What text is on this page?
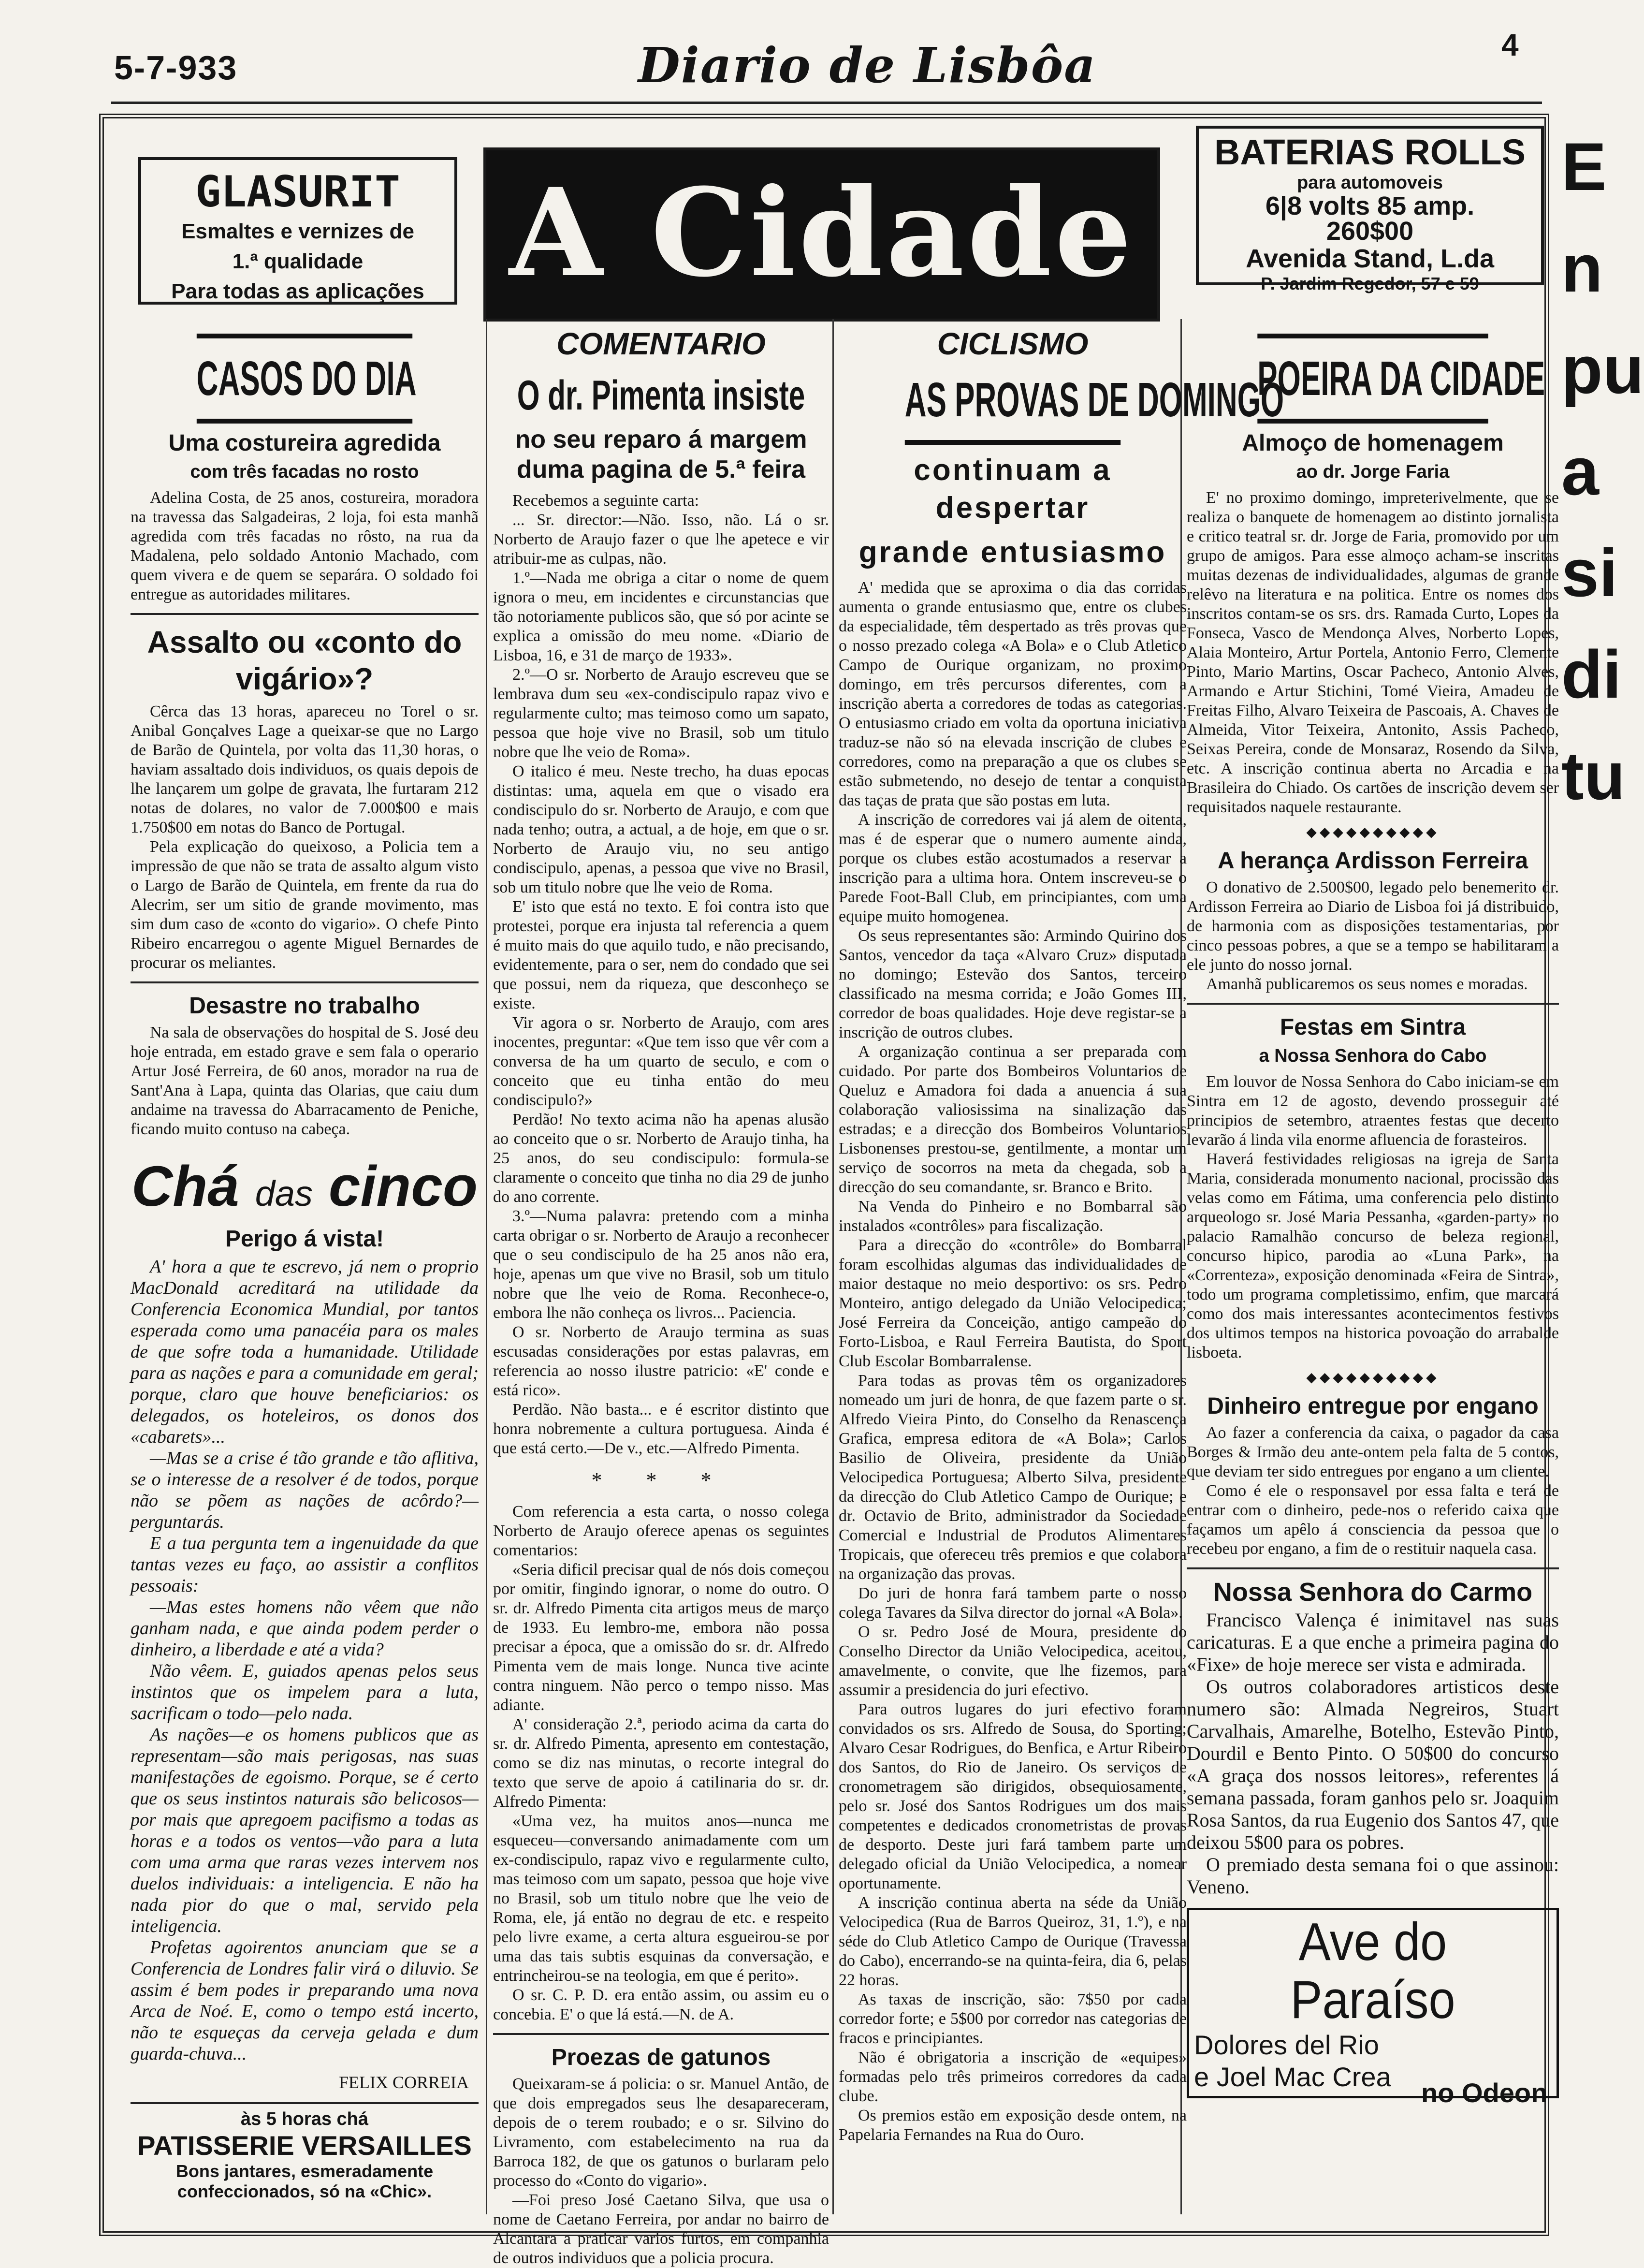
5-7-933	Diario de Lisbôa	4
E
n
pu
a
si
di
tu
GLASURIT
Esmaltes e vernizes de
1.ª qualidade
Para todas as aplicações A Cidade
BATERIAS ROLLS
para automoveis
6|8 volts 85 amp.
260$00
Avenida Stand, L.da
P. Jardim Regedor, 57 e 59
CASOS DO DIA
Uma costureira agredida
com três facadas no rosto

Adelina Costa, de 25 anos, costureira, moradora na travessa das Salgadeiras, 2 loja, foi esta manhã agredida com três facadas no rôsto, na rua da Madalena, pelo soldado Antonio Machado, com quem vivera e de quem se separára. O soldado foi entregue as autoridades militares.

Assalto ou «conto do vigário»?

Cêrca das 13 horas, apareceu no Torel o sr. Anibal Gonçalves Lage a queixar-se que no Largo de Barão de Quintela, por volta das 11,30 horas, o haviam assaltado dois individuos, os quais depois de lhe lançarem um golpe de gravata, lhe furtaram 212 notas de dolares, no valor de 7.000$00 e mais 1.750$00 em notas do Banco de Portugal.

Pela explicação do queixoso, a Policia tem a impressão de que não se trata de assalto algum visto o Largo de Barão de Quintela, em frente da rua do Alecrim, ser um sitio de grande movimento, mas sim dum caso de «conto do vigario». O chefe Pinto Ribeiro encarregou o agente Miguel Bernardes de procurar os meliantes.

Desastre no trabalho

Na sala de observações do hospital de S. José deu hoje entrada, em estado grave e sem fala o operario Artur José Ferreira, de 60 anos, morador na rua de Sant'Ana à Lapa, quinta das Olarias, que caiu dum andaime na travessa do Abarracamento de Peniche, ficando muito contuso na cabeça.

Chá das cinco
Perigo á vista!

A' hora a que te escrevo, já nem o proprio MacDonald acreditará na utilidade da Conferencia Economica Mundial, por tantos esperada como uma panacéia para os males de que sofre toda a humanidade. Utilidade para as nações e para a comunidade em geral; porque, claro que houve beneficiarios: os delegados, os hoteleiros, os donos dos «cabarets»...

—Mas se a crise é tão grande e tão aflitiva, se o interesse de a resolver é de todos, porque não se põem as nações de acôrdo?—perguntarás.

E a tua pergunta tem a ingenuidade da que tantas vezes eu faço, ao assistir a conflitos pessoais:

—Mas estes homens não vêem que não ganham nada, e que ainda podem perder o dinheiro, a liberdade e até a vida?

Não vêem. E, guiados apenas pelos seus instintos que os impelem para a luta, sacrificam o todo—pelo nada.

As nações—e os homens publicos que as representam—são mais perigosas, nas suas manifestações de egoismo. Porque, se é certo que os seus instintos naturais são belicosos—por mais que apregoem pacifismo a todas as horas e a todos os ventos—vão para a luta com uma arma que raras vezes intervem nos duelos individuais: a inteligencia. E não ha nada pior do que o mal, servido pela inteligencia.

Profetas agoirentos anunciam que se a Conferencia de Londres falir virá o diluvio. Se assim é bem podes ir preparando uma nova Arca de Noé. E, como o tempo está incerto, não te esqueças da cerveja gelada e dum guarda-chuva...

FELIX CORREIA
às 5 horas chá
PATISSERIE VERSAILLES
Bons jantares, esmeradamente confeccionados, só na «Chic».
COMENTARIO
O dr. Pimenta insiste
no seu reparo á margem duma pagina de 5.ª feira

Recebemos a seguinte carta:

... Sr. director:—Não. Isso, não. Lá o sr. Norberto de Araujo fazer o que lhe apetece e vir atribuir-me as culpas, não.

1.º—Nada me obriga a citar o nome de quem ignora o meu, em incidentes e circunstancias que tão notoriamente publicos são, que só por acinte se explica a omissão do meu nome. «Diario de Lisboa, 16, e 31 de março de 1933».

2.º—O sr. Norberto de Araujo escreveu que se lembrava dum seu «ex-condiscipulo rapaz vivo e regularmente culto; mas teimoso como um sapato, pessoa que hoje vive no Brasil, sob um titulo nobre que lhe veio de Roma».

O italico é meu. Neste trecho, ha duas epocas distintas: uma, aquela em que o visado era condiscipulo do sr. Norberto de Araujo, e com que nada tenho; outra, a actual, a de hoje, em que o sr. Norberto de Araujo viu, no seu antigo condiscipulo, apenas, a pessoa que vive no Brasil, sob um titulo nobre que lhe veio de Roma.

E' isto que está no texto. E foi contra isto que protestei, porque era injusta tal referencia a quem é muito mais do que aquilo tudo, e não precisando, evidentemente, para o ser, nem do condado que sei que possui, nem da riqueza, que desconheço se existe.

Vir agora o sr. Norberto de Araujo, com ares inocentes, preguntar: «Que tem isso que vêr com a conversa de ha um quarto de seculo, e com o conceito que eu tinha então do meu condiscipulo?»

Perdão! No texto acima não ha apenas alusão ao conceito que o sr. Norberto de Araujo tinha, ha 25 anos, do seu condiscipulo: formula-se claramente o conceito que tinha no dia 29 de junho do ano corrente.

3.º—Numa palavra: pretendo com a minha carta obrigar o sr. Norberto de Araujo a reconhecer que o seu condiscipulo de ha 25 anos não era, hoje, apenas um que vive no Brasil, sob um titulo nobre que lhe veio de Roma. Reconhece-o, embora lhe não conheça os livros... Paciencia.

O sr. Norberto de Araujo termina as suas escusadas considerações por estas palavras, em referencia ao nosso ilustre patricio: «E' conde e está rico».

Perdão. Não basta... e é escritor distinto que honra nobremente a cultura portuguesa. Ainda é que está certo.—De v., etc.—Alfredo Pimenta.

* * *

Com referencia a esta carta, o nosso colega Norberto de Araujo oferece apenas os seguintes comentarios:

«Seria dificil precisar qual de nós dois começou por omitir, fingindo ignorar, o nome do outro. O sr. dr. Alfredo Pimenta cita artigos meus de março de 1933. Eu lembro-me, embora não possa precisar a época, que a omissão do sr. dr. Alfredo Pimenta vem de mais longe. Nunca tive acinte contra ninguem. Não perco o tempo nisso. Mas adiante.

A' consideração 2.ª, periodo acima da carta do sr. dr. Alfredo Pimenta, apresento em contestação, como se diz nas minutas, o recorte integral do texto que serve de apoio á catilinaria do sr. dr. Alfredo Pimenta:

«Uma vez, ha muitos anos—nunca me esqueceu—conversando animadamente com um ex-condiscipulo, rapaz vivo e regularmente culto, mas teimoso com um sapato, pessoa que hoje vive no Brasil, sob um titulo nobre que lhe veio de Roma, ele, já então no degrau de etc. e respeito pelo livre exame, a certa altura esgueirou-se por uma das tais subtis esquinas da conversação, e entrincheirou-se na teologia, em que é perito».

O sr. C. P. D. era então assim, ou assim eu o concebia. E' o que lá está.—N. de A.

Proezas de gatunos

Queixaram-se á policia: o sr. Manuel Antão, de que dois empregados seus lhe desapareceram, depois de o terem roubado; e o sr. Silvino do Livramento, com estabelecimento na rua da Barroca 182, de que os gatunos o burlaram pelo processo do «Conto do vigario».

—Foi preso José Caetano Silva, que usa o nome de Caetano Ferreira, por andar no bairro de Alcantara a praticar varios furtos, em companhia de outros individuos que a policia procura.

CICLISMO
AS PROVAS DE DOMINGO
continuam a despertar
grande entusiasmo

A' medida que se aproxima o dia das corridas aumenta o grande entusiasmo que, entre os clubes da especialidade, têm despertado as três provas que o nosso prezado colega «A Bola» e o Club Atletico Campo de Ourique organizam, no proximo domingo, em três percursos diferentes, com a inscrição aberta a corredores de todas as categorias. O entusiasmo criado em volta da oportuna iniciativa traduz-se não só na elevada inscrição de clubes e corredores, como na preparação a que os clubes se estão submetendo, no desejo de tentar a conquista das taças de prata que são postas em luta.

A inscrição de corredores vai já alem de oitenta, mas é de esperar que o numero aumente ainda, porque os clubes estão acostumados a reservar a inscrição para a ultima hora. Ontem inscreveu-se o Parede Foot-Ball Club, em principiantes, com uma equipe muito homogenea.

Os seus representantes são: Armindo Quirino dos Santos, vencedor da taça «Alvaro Cruz» disputada no domingo; Estevão dos Santos, terceiro classificado na mesma corrida; e João Gomes III, corredor de boas qualidades. Hoje deve registar-se a inscrição de outros clubes.

A organização continua a ser preparada com cuidado. Por parte dos Bombeiros Voluntarios de Queluz e Amadora foi dada a anuencia á sua colaboração valiosissima na sinalização das estradas; e a direcção dos Bombeiros Voluntarios Lisbonenses prestou-se, gentilmente, a montar um serviço de socorros na meta da chegada, sob a direcção do seu comandante, sr. Branco e Brito.

Na Venda do Pinheiro e no Bombarral são instalados «contrôles» para fiscalização.

Para a direcção do «contrôle» do Bombarral foram escolhidas algumas das individualidades de maior destaque no meio desportivo: os srs. Pedro Monteiro, antigo delegado da União Velocipedica; José Ferreira da Conceição, antigo campeão do Forto-Lisboa, e Raul Ferreira Bautista, do Sport Club Escolar Bombarralense.

Para todas as provas têm os organizadores nomeado um juri de honra, de que fazem parte o sr. Alfredo Vieira Pinto, do Conselho da Renascença Grafica, empresa editora de «A Bola»; Carlos Basilio de Oliveira, presidente da União Velocipedica Portuguesa; Alberto Silva, presidente da direcção do Club Atletico Campo de Ourique; e dr. Octavio de Brito, administrador da Sociedade Comercial e Industrial de Produtos Alimentares Tropicais, que ofereceu três premios e que colabora na organização das provas.

Do juri de honra fará tambem parte o nosso colega Tavares da Silva director do jornal «A Bola».

O sr. Pedro José de Moura, presidente do Conselho Director da União Velocipedica, aceitou, amavelmente, o convite, que lhe fizemos, para assumir a presidencia do juri efectivo.

Para outros lugares do juri efectivo foram convidados os srs. Alfredo de Sousa, do Sporting; Alvaro Cesar Rodrigues, do Benfica, e Artur Ribeiro dos Santos, do Rio de Janeiro. Os serviços de cronometragem são dirigidos, obsequiosamente, pelo sr. José dos Santos Rodrigues um dos mais competentes e dedicados cronometristas de provas de desporto. Deste juri fará tambem parte um delegado oficial da União Velocipedica, a nomear oportunamente.

A inscrição continua aberta na séde da União Velocipedica (Rua de Barros Queiroz, 31, 1.º), e na séde do Club Atletico Campo de Ourique (Travessa do Cabo), encerrando-se na quinta-feira, dia 6, pelas 22 horas.

As taxas de inscrição, são: 7$50 por cada corredor forte; e 5$00 por corredor nas categorias de fracos e principiantes.

Não é obrigatoria a inscrição de «equipes» formadas pelo três primeiros corredores da cada clube.

Os premios estão em exposição desde ontem, na Papelaria Fernandes na Rua do Ouro.

POEIRA DA CIDADE
Almoço de homenagem
ao dr. Jorge Faria

E' no proximo domingo, impreterivelmente, que se realiza o banquete de homenagem ao distinto jornalista e critico teatral sr. dr. Jorge de Faria, promovido por um grupo de amigos. Para esse almoço acham-se inscritas muitas dezenas de individualidades, algumas de grande relêvo na literatura e na politica. Entre os nomes dos inscritos contam-se os srs. drs. Ramada Curto, Lopes da Fonseca, Vasco de Mendonça Alves, Norberto Lopes, Alaia Monteiro, Artur Portela, Antonio Ferro, Clemente Pinto, Mario Martins, Oscar Pacheco, Antonio Alves, Armando e Artur Stichini, Tomé Vieira, Amadeu de Freitas Filho, Alvaro Teixeira de Pascoais, A. Chaves de Almeida, Vitor Teixeira, Antonito, Assis Pacheco, Seixas Pereira, conde de Monsaraz, Rosendo da Silva, etc. A inscrição continua aberta no Arcadia e na Brasileira do Chiado. Os cartões de inscrição devem ser requisitados naquele restaurante.

◆◆◆◆◆◆◆◆◆◆
A herança Ardisson Ferreira

O donativo de 2.500$00, legado pelo benemerito dr. Ardisson Ferreira ao Diario de Lisboa foi já distribuido, de harmonia com as disposições testamentarias, por cinco pessoas pobres, a que se a tempo se habilitaram a ele junto do nosso jornal.

Amanhã publicaremos os seus nomes e moradas.

Festas em Sintra
a Nossa Senhora do Cabo

Em louvor de Nossa Senhora do Cabo iniciam-se em Sintra em 12 de agosto, devendo prosseguir até principios de setembro, atraentes festas que decerto levarão á linda vila enorme afluencia de forasteiros.

Haverá festividades religiosas na igreja de Santa Maria, considerada monumento nacional, procissão das velas como em Fátima, uma conferencia pelo distinto arqueologo sr. José Maria Pessanha, «garden-party» no palacio Ramalhão concurso de beleza regional, concurso hipico, parodia ao «Luna Park», na «Correnteza», exposição denominada «Feira de Sintra», todo um programa completissimo, enfim, que marcará como dos mais interessantes acontecimentos festivos dos ultimos tempos na historica povoação do arrabalde lisboeta.

◆◆◆◆◆◆◆◆◆◆
Dinheiro entregue por engano

Ao fazer a conferencia da caixa, o pagador da casa Borges & Irmão deu ante-ontem pela falta de 5 contos, que deviam ter sido entregues por engano a um cliente.

Como é ele o responsavel por essa falta e terá de entrar com o dinheiro, pede-nos o referido caixa que façamos um apêlo á consciencia da pessoa que o recebeu por engano, a fim de o restituir naquela casa.

Nossa Senhora do Carmo

Francisco Valença é inimitavel nas suas caricaturas. E a que enche a primeira pagina do «Fixe» de hoje merece ser vista e admirada.

Os outros colaboradores artisticos deste numero são: Almada Negreiros, Stuart Carvalhais, Amarelhe, Botelho, Estevão Pinto, Dourdil e Bento Pinto. O 50$00 do concurso «A graça dos nossos leitores», referentes á semana passada, foram ganhos pelo sr. Joaquim Rosa Santos, da rua Eugenio dos Santos 47, que deixou 5$00 para os pobres.

O premiado desta semana foi o que assinou: Veneno.

Ave do Paraíso
Dolores del Rio
e Joel Mac Crea
no Odeon
